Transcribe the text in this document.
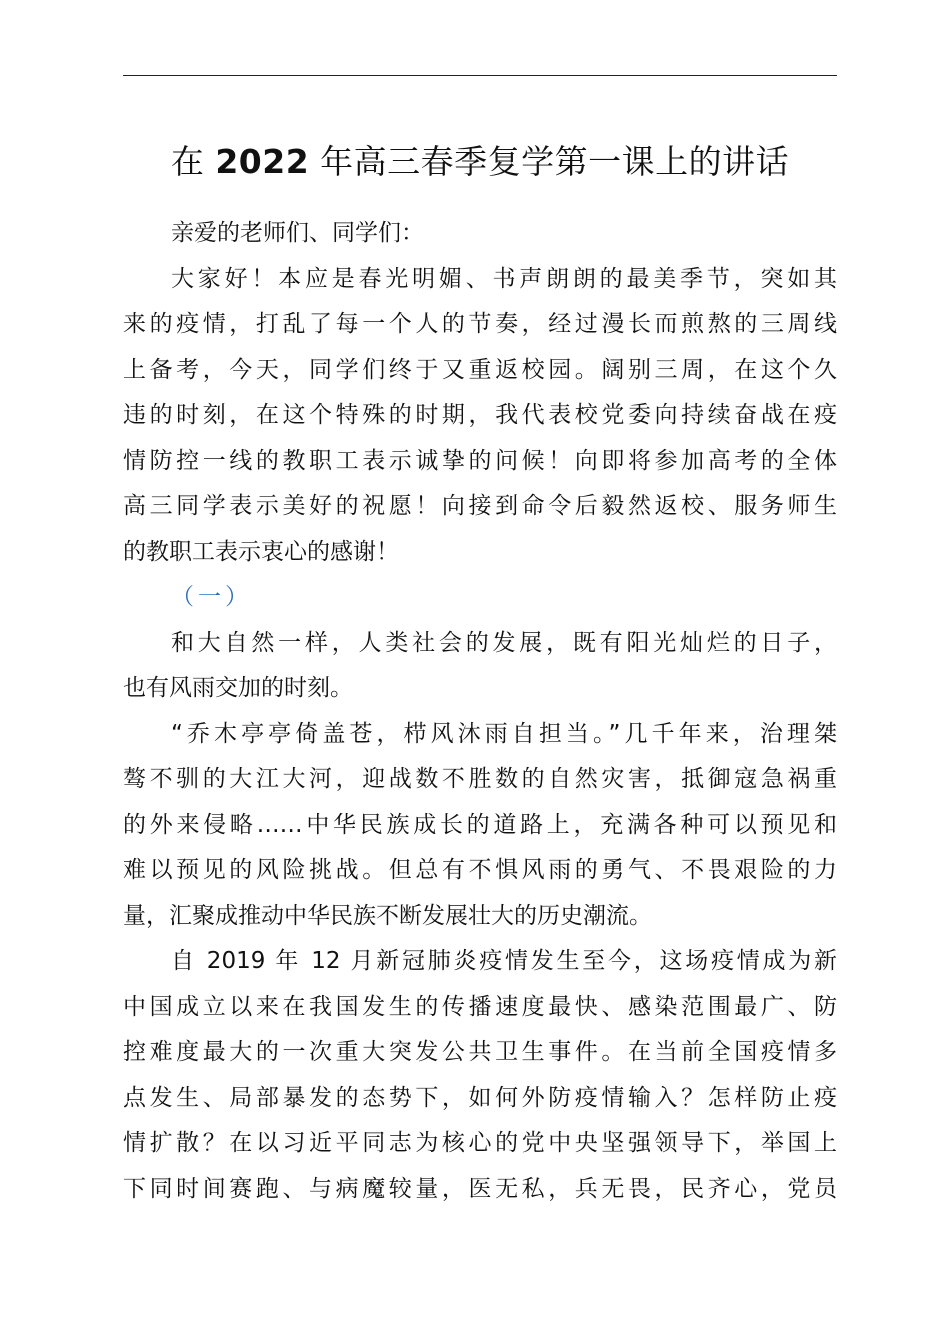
在 2022 年高三春季复学第一课上的讲话
亲爱的老师们、同学们：
大家好！本应是春光明媚、书声朗朗的最美季节，突如其
来的疫情，打乱了每一个人的节奏，经过漫长而煎熬的三周线
上备考，今天，同学们终于又重返校园。阔别三周，在这个久
违的时刻，在这个特殊的时期，我代表校党委向持续奋战在疫
情防控一线的教职工表示诚挚的问候！向即将参加高考的全体
高三同学表示美好的祝愿！向接到命令后毅然返校、服务师生
的教职工表示衷心的感谢！
（一）
和大自然一样，人类社会的发展，既有阳光灿烂的日子，
也有风雨交加的时刻。
“乔木亭亭倚盖苍，栉风沐雨自担当。”几千年来，治理桀
骜不驯的大江大河，迎战数不胜数的自然灾害，抵御寇急祸重
的外来侵略……中华民族成长的道路上，充满各种可以预见和
难以预见的风险挑战。但总有不惧风雨的勇气、不畏艰险的力
量，汇聚成推动中华民族不断发展壮大的历史潮流。
自 2019 年 12 月新冠肺炎疫情发生至今，这场疫情成为新
中国成立以来在我国发生的传播速度最快、感染范围最广、防
控难度最大的一次重大突发公共卫生事件。在当前全国疫情多
点发生、局部暴发的态势下，如何外防疫情输入？怎样防止疫
情扩散？在以习近平同志为核心的党中央坚强领导下，举国上
下同时间赛跑、与病魔较量，医无私，兵无畏，民齐心，党员
